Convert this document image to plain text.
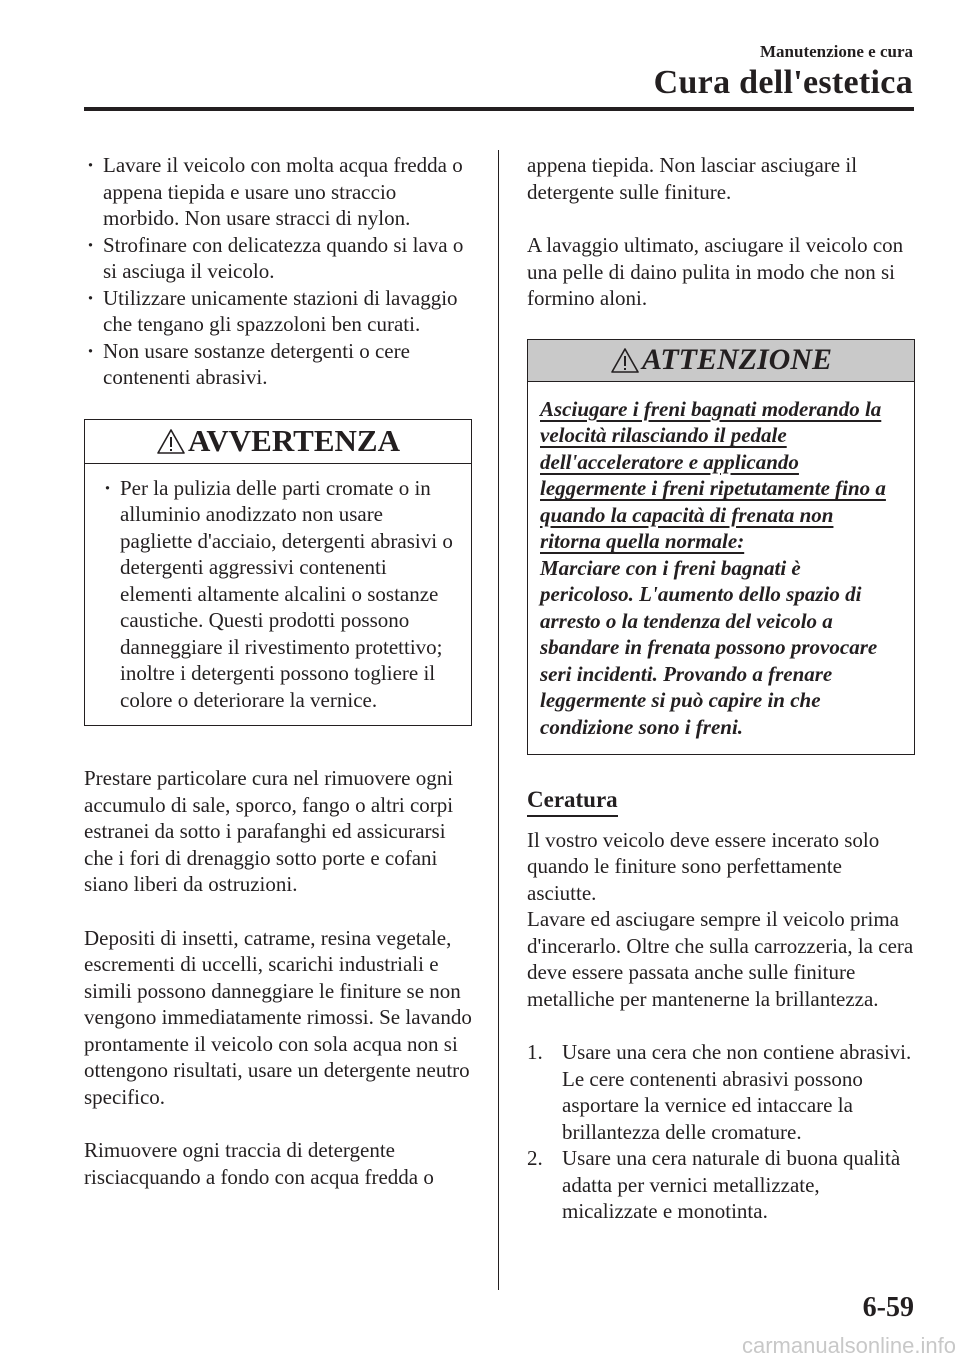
Manutenzione e cura
Cura dell'estetica
· Lavare il veicolo con molta acqua fredda o appena tiepida e usare uno straccio morbido. Non usare stracci di nylon.
· Strofinare con delicatezza quando si lava o si asciuga il veicolo.
· Utilizzare unicamente stazioni di lavaggio che tengano gli spazzoloni ben curati.
· Non usare sostanze detergenti o cere contenenti abrasivi.
AVVERTENZA
· Per la pulizia delle parti cromate o in alluminio anodizzato non usare pagliette d'acciaio, detergenti abrasivi o detergenti aggressivi contenenti elementi altamente alcalini o sostanze caustiche. Questi prodotti possono danneggiare il rivestimento protettivo; inoltre i detergenti possono togliere il colore o deteriorare la vernice.

Prestare particolare cura nel rimuovere ogni accumulo di sale, sporco, fango o altri corpi estranei da sotto i parafanghi ed assicurarsi che i fori di drenaggio sotto porte e cofani siano liberi da ostruzioni.

Depositi di insetti, catrame, resina vegetale, escrementi di uccelli, scarichi industriali e simili possono danneggiare le finiture se non vengono immediatamente rimossi. Se lavando prontamente il veicolo con sola acqua non si ottengono risultati, usare un detergente neutro specifico.

Rimuovere ogni traccia di detergente risciacquando a fondo con acqua fredda o

appena tiepida. Non lasciar asciugare il detergente sulle finiture.

A lavaggio ultimato, asciugare il veicolo con una pelle di daino pulita in modo che non si formino aloni.

ATTENZIONE

Asciugare i freni bagnati moderando la velocità rilasciando il pedale dell'acceleratore e applicando leggermente i freni ripetutamente fino a quando la capacità di frenata non ritorna quella normale:

Marciare con i freni bagnati è pericoloso. L'aumento dello spazio di arresto o la tendenza del veicolo a sbandare in frenata possono provocare seri incidenti. Provando a frenare leggermente si può capire in che condizione sono i freni.

Ceratura

Il vostro veicolo deve essere incerato solo quando le finiture sono perfettamente asciutte.

Lavare ed asciugare sempre il veicolo prima d'incerarlo. Oltre che sulla carrozzeria, la cera deve essere passata anche sulle finiture metalliche per mantenerne la brillantezza.

1. Usare una cera che non contiene abrasivi.
Le cere contenenti abrasivi possono asportare la vernice ed intaccare la brillantezza delle cromature.
2. Usare una cera naturale di buona qualità adatta per vernici metallizzate, micalizzate e monotinta.
6-59
carmanualsonline.info
